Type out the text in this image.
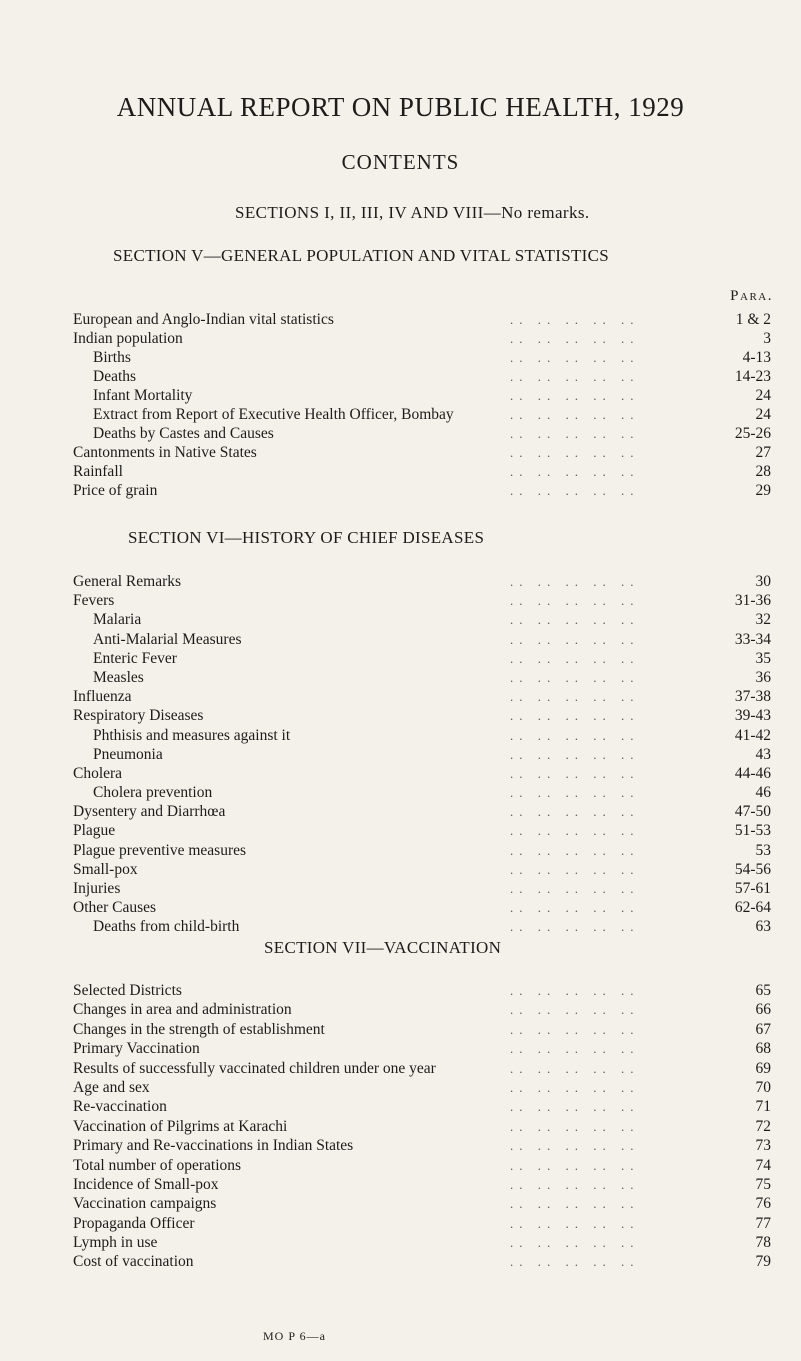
ANNUAL REPORT ON PUBLIC HEALTH, 1929
CONTENTS
SECTIONS I, II, III, IV AND VIII—No remarks.
SECTION V—GENERAL POPULATION AND VITAL STATISTICS
Para.
European and Anglo-Indian vital statistics	.. .. .. .. ..	1 & 2
Indian population	.. .. .. .. ..	3
Births	.. .. .. .. ..	4-13
Deaths	.. .. .. .. ..	14-23
Infant Mortality	.. .. .. .. ..	24
Extract from Report of Executive Health Officer, Bombay	.. .. .. .. ..	24
Deaths by Castes and Causes	.. .. .. .. ..	25-26
Cantonments in Native States	.. .. .. .. ..	27
Rainfall	.. .. .. .. ..	28
Price of grain	.. .. .. .. ..	29
SECTION VI—HISTORY OF CHIEF DISEASES
General Remarks	.. .. .. .. ..	30
Fevers	.. .. .. .. ..	31-36
Malaria	.. .. .. .. ..	32
Anti-Malarial Measures	.. .. .. .. ..	33-34
Enteric Fever	.. .. .. .. ..	35
Measles	.. .. .. .. ..	36
Influenza	.. .. .. .. ..	37-38
Respiratory Diseases	.. .. .. .. ..	39-43
Phthisis and measures against it	.. .. .. .. ..	41-42
Pneumonia	.. .. .. .. ..	43
Cholera	.. .. .. .. ..	44-46
Cholera prevention	.. .. .. .. ..	46
Dysentery and Diarrhœa	.. .. .. .. ..	47-50
Plague	.. .. .. .. ..	51-53
Plague preventive measures	.. .. .. .. ..	53
Small-pox	.. .. .. .. ..	54-56
Injuries	.. .. .. .. ..	57-61
Other Causes	.. .. .. .. ..	62-64
Deaths from child-birth	.. .. .. .. ..	63
SECTION VII—VACCINATION
Selected Districts	.. .. .. .. ..	65
Changes in area and administration	.. .. .. .. ..	66
Changes in the strength of establishment	.. .. .. .. ..	67
Primary Vaccination	.. .. .. .. ..	68
Results of successfully vaccinated children under one year	.. .. .. .. ..	69
Age and sex	.. .. .. .. ..	70
Re-vaccination	.. .. .. .. ..	71
Vaccination of Pilgrims at Karachi	.. .. .. .. ..	72
Primary and Re-vaccinations in Indian States	.. .. .. .. ..	73
Total number of operations	.. .. .. .. ..	74
Incidence of Small-pox	.. .. .. .. ..	75
Vaccination campaigns	.. .. .. .. ..	76
Propaganda Officer	.. .. .. .. ..	77
Lymph in use	.. .. .. .. ..	78
Cost of vaccination	.. .. .. .. ..	79
MO P 6—a
